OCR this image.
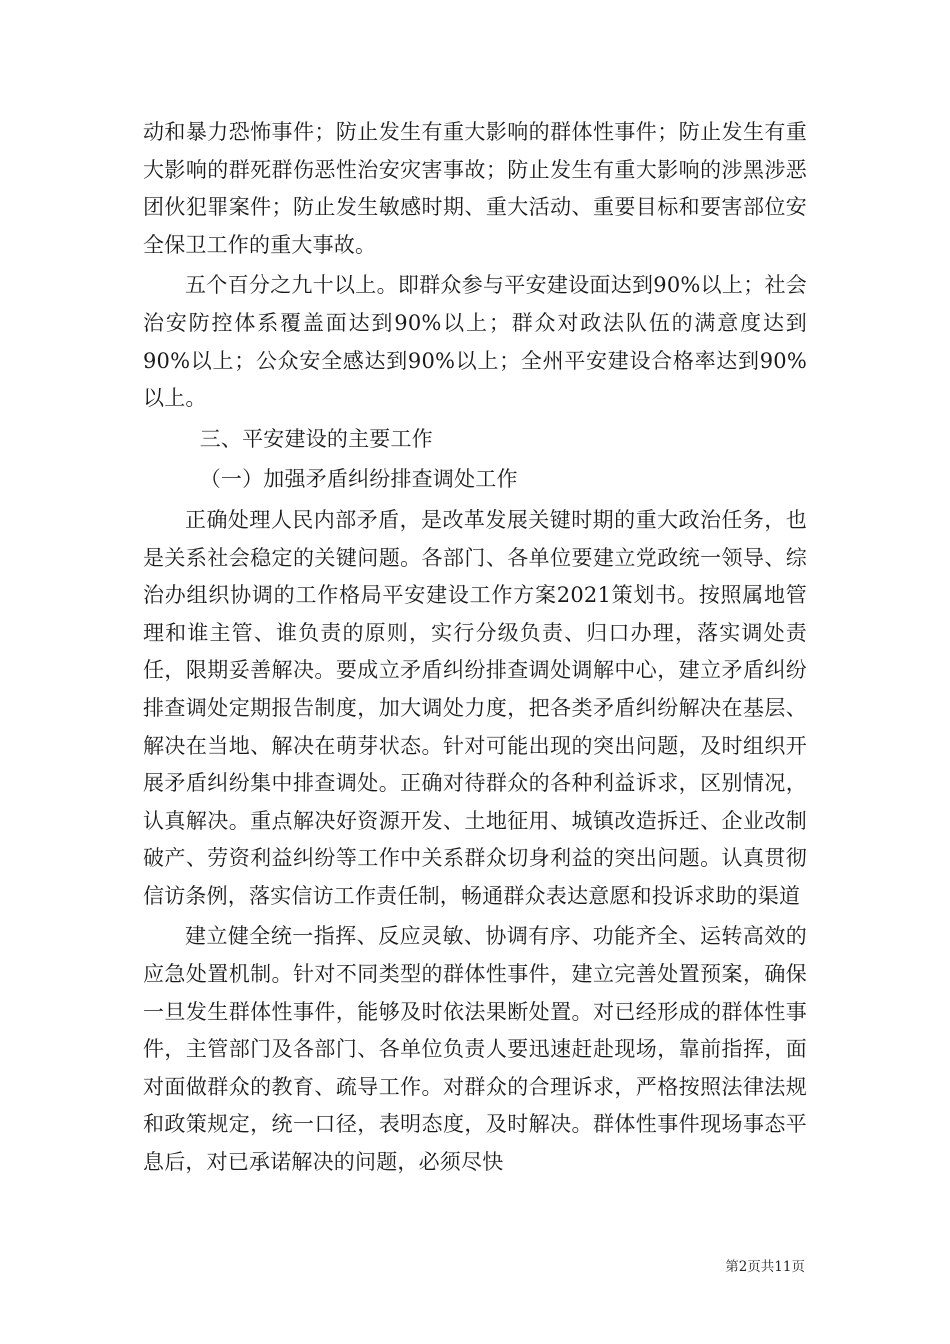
动和暴力恐怖事件；防止发生有重大影响的群体性事件；防止发生有重大影响的群死群伤恶性治安灾害事故；防止发生有重大影响的涉黑涉恶团伙犯罪案件；防止发生敏感时期、重大活动、重要目标和要害部位安全保卫工作的重大事故。

五个百分之九十以上。即群众参与平安建设面达到90%以上；社会治安防控体系覆盖面达到90%以上；群众对政法队伍的满意度达到90%以上；公众安全感达到90%以上；全州平安建设合格率达到90%以上。

三、平安建设的主要工作

（一）加强矛盾纠纷排查调处工作

正确处理人民内部矛盾，是改革发展关键时期的重大政治任务，也是关系社会稳定的关键问题。各部门、各单位要建立党政统一领导、综治办组织协调的工作格局平安建设工作方案2021策划书。按照属地管理和谁主管、谁负责的原则，实行分级负责、归口办理，落实调处责任，限期妥善解决。要成立矛盾纠纷排查调处调解中心，建立矛盾纠纷排查调处定期报告制度，加大调处力度，把各类矛盾纠纷解决在基层、解决在当地、解决在萌芽状态。针对可能出现的突出问题，及时组织开展矛盾纠纷集中排查调处。正确对待群众的各种利益诉求，区别情况，认真解决。重点解决好资源开发、土地征用、城镇改造拆迁、企业改制破产、劳资利益纠纷等工作中关系群众切身利益的突出问题。认真贯彻信访条例，落实信访工作责任制，畅通群众表达意愿和投诉求助的渠道

建立健全统一指挥、反应灵敏、协调有序、功能齐全、运转高效的应急处置机制。针对不同类型的群体性事件，建立完善处置预案，确保一旦发生群体性事件，能够及时依法果断处置。对已经形成的群体性事件，主管部门及各部门、各单位负责人要迅速赶赴现场，靠前指挥，面对面做群众的教育、疏导工作。对群众的合理诉求，严格按照法律法规和政策规定，统一口径，表明态度，及时解决。群体性事件现场事态平息后，对已承诺解决的问题，必须尽快

第2页共11页
